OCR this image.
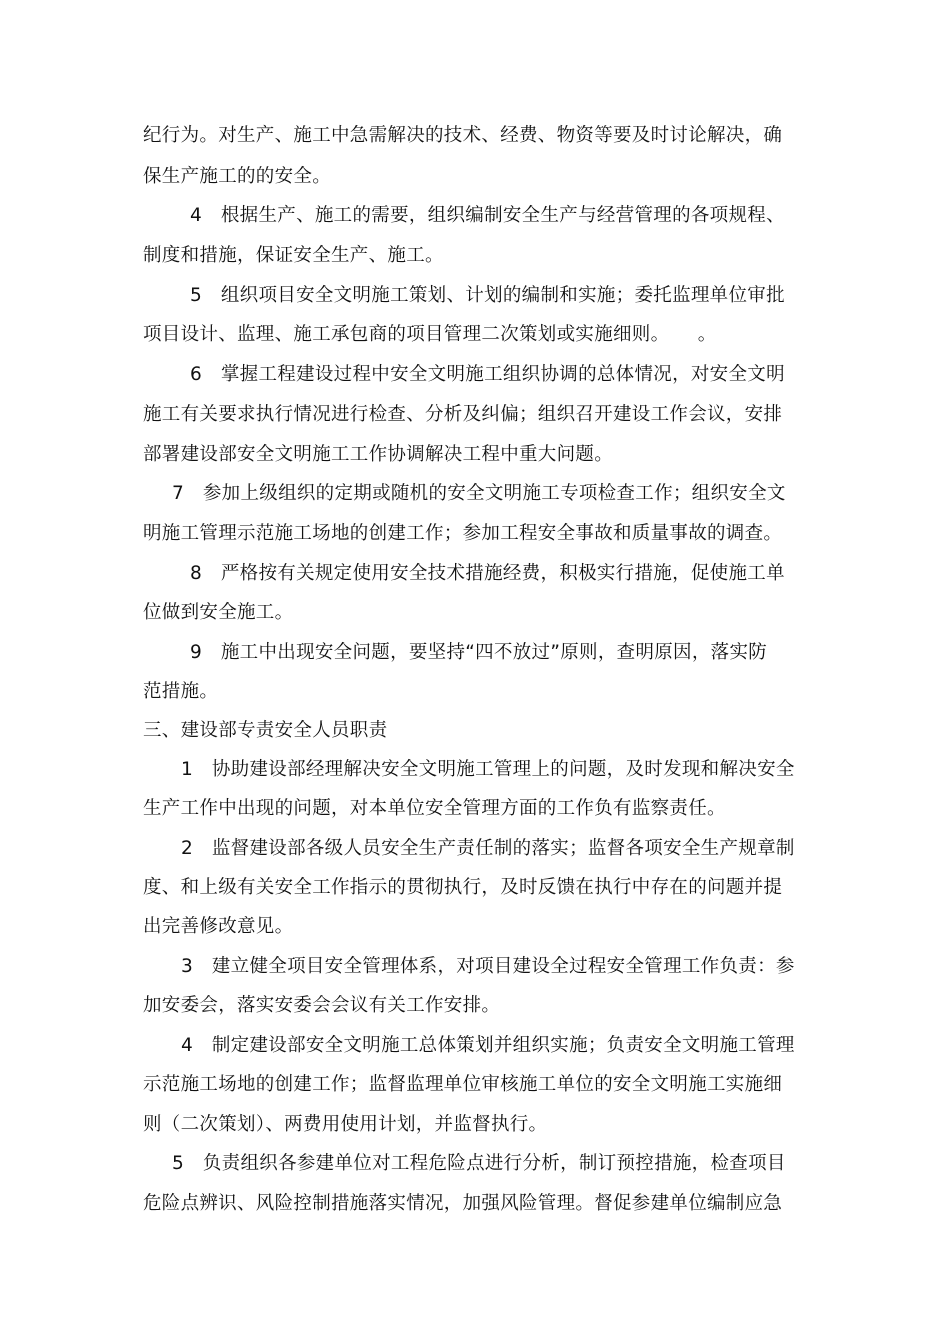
纪行为。对生产、施工中急需解决的技术、经费、物资等要及时讨论解决，确
保生产施工的的安全。
4　根据生产、施工的需要，组织编制安全生产与经营管理的各项规程、
制度和措施，保证安全生产、施工。
5　组织项目安全文明施工策划、计划的编制和实施；委托监理单位审批
项目设计、监理、施工承包商的项目管理二次策划或实施细则。　　。
6　掌握工程建设过程中安全文明施工组织协调的总体情况，对安全文明
施工有关要求执行情况进行检查、分析及纠偏；组织召开建设工作会议，安排
部署建设部安全文明施工工作协调解决工程中重大问题。
7　参加上级组织的定期或随机的安全文明施工专项检查工作；组织安全文
明施工管理示范施工场地的创建工作；参加工程安全事故和质量事故的调查。
8　严格按有关规定使用安全技术措施经费，积极实行措施，促使施工单
位做到安全施工。
9　施工中出现安全问题，要坚持“四不放过”原则，查明原因，落实防
范措施。
三、建设部专责安全人员职责
1　协助建设部经理解决安全文明施工管理上的问题，及时发现和解决安全
生产工作中出现的问题，对本单位安全管理方面的工作负有监察责任。
2　监督建设部各级人员安全生产责任制的落实；监督各项安全生产规章制
度、和上级有关安全工作指示的贯彻执行，及时反馈在执行中存在的问题并提
出完善修改意见。
3　建立健全项目安全管理体系，对项目建设全过程安全管理工作负责：参
加安委会，落实安委会会议有关工作安排。
4　制定建设部安全文明施工总体策划并组织实施；负责安全文明施工管理
示范施工场地的创建工作；监督监理单位审核施工单位的安全文明施工实施细
则（二次策划）、两费用使用计划，并监督执行。
5　负责组织各参建单位对工程危险点进行分析，制订预控措施，检查项目
危险点辨识、风险控制措施落实情况，加强风险管理。督促参建单位编制应急
